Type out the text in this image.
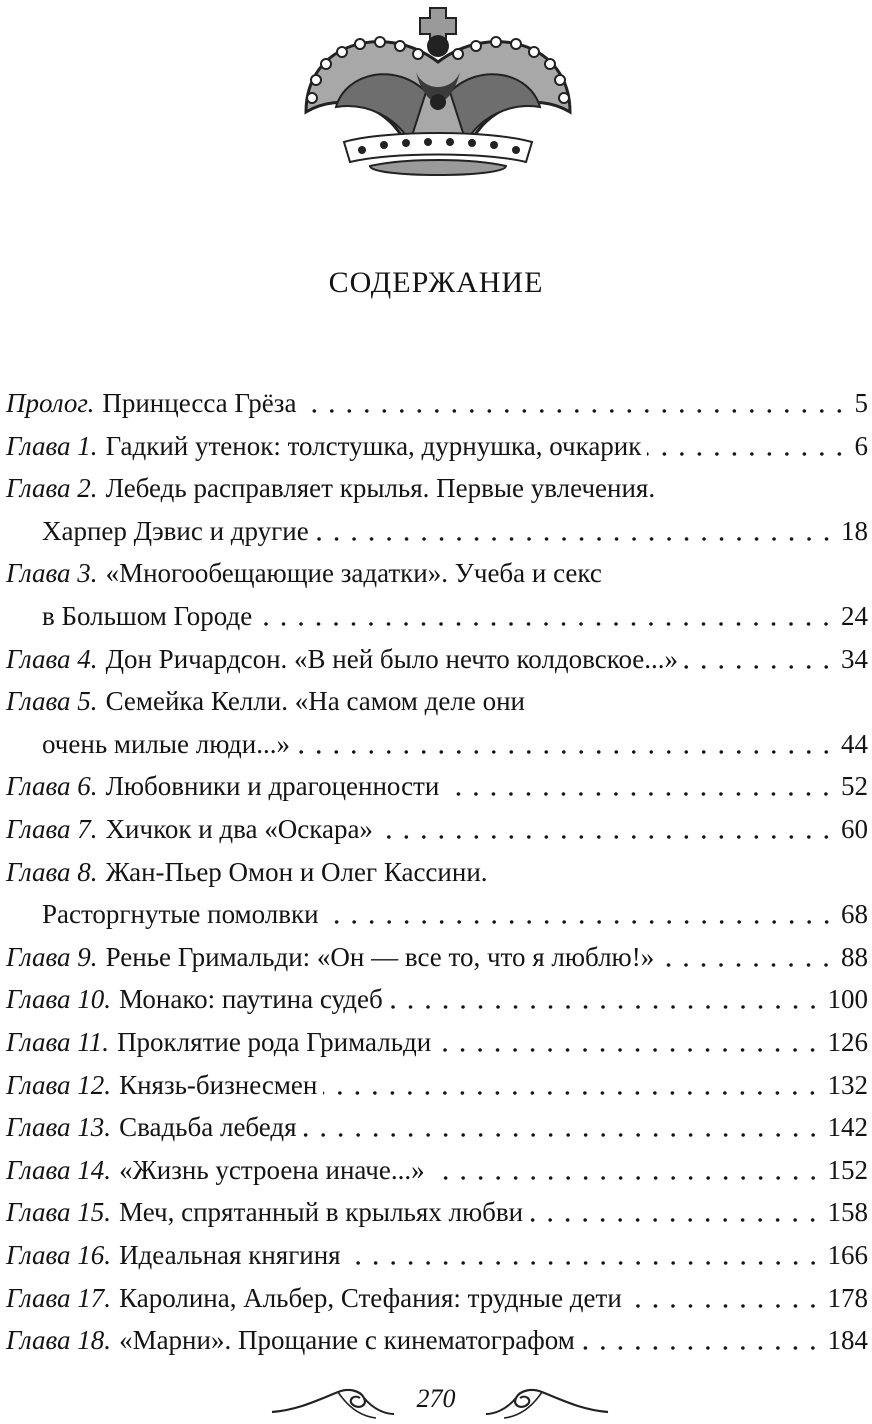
СОДЕРЖАНИЕ
Пролог. Принцесса Грёза	5
Глава 1. Гадкий утенок: толстушка, дурнушка, очкарик	6
Глава 2. Лебедь расправляет крылья. Первые увлечения.
Харпер Дэвис и другие	18
Глава 3. «Многообещающие задатки». Учеба и секс
в Большом Городе	24
Глава 4. Дон Ричардсон. «В ней было нечто колдовское...»	34
Глава 5. Семейка Келли. «На самом деле они
очень милые люди...»	44
Глава 6. Любовники и драгоценности	52
Глава 7. Хичкок и два «Оскара»	60
Глава 8. Жан-Пьер Омон и Олег Кассини.
Расторгнутые помолвки	68
Глава 9. Ренье Гримальди: «Он — все то, что я люблю!»	88
Глава 10. Монако: паутина судеб	100
Глава 11. Проклятие рода Гримальди	126
Глава 12. Князь-бизнесмен	132
Глава 13. Свадьба лебедя	142
Глава 14. «Жизнь устроена иначе...»	152
Глава 15. Меч, спрятанный в крыльях любви	158
Глава 16. Идеальная княгиня	166
Глава 17. Каролина, Альбер, Стефания: трудные дети	178
Глава 18. «Марни». Прощание с кинематографом	184
270
